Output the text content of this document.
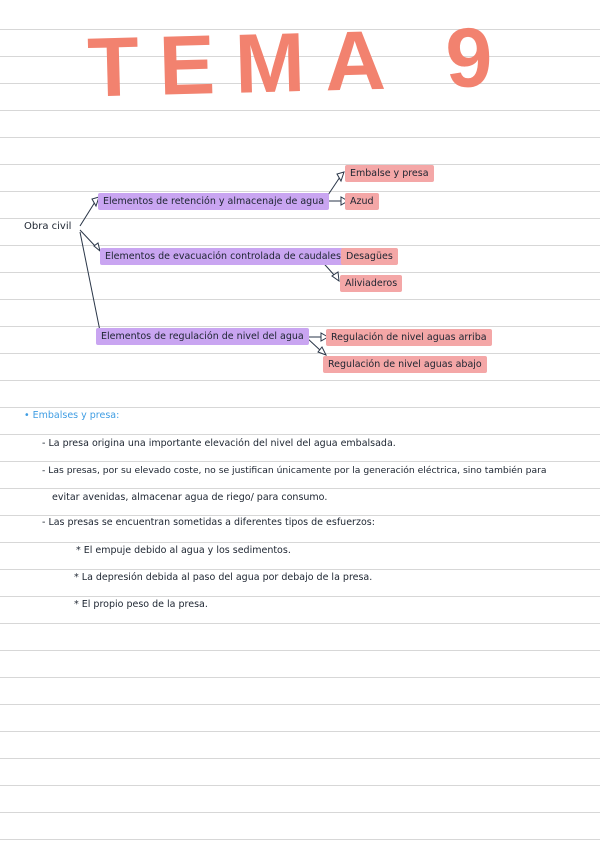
TEMA 9
Obra civil
Elementos de retención y almacenaje de agua
Elementos de evacuación controlada de caudales
Elementos de regulación de nivel del agua
Embalse y presa
Azud
Desagües
Aliviaderos
Regulación de nivel aguas arriba
Regulación de nivel aguas abajo
• Embalses y presa:
- La presa origina una importante elevación del nivel del agua embalsada.
- Las presas, por su elevado coste, no se justifican únicamente por la generación eléctrica, sino también para
evitar avenidas, almacenar agua de riego/ para consumo.
- Las presas se encuentran sometidas a diferentes tipos de esfuerzos:
* El empuje debido al agua y los sedimentos.
* La depresión debida al paso del agua por debajo de la presa.
* El propio peso de la presa.
